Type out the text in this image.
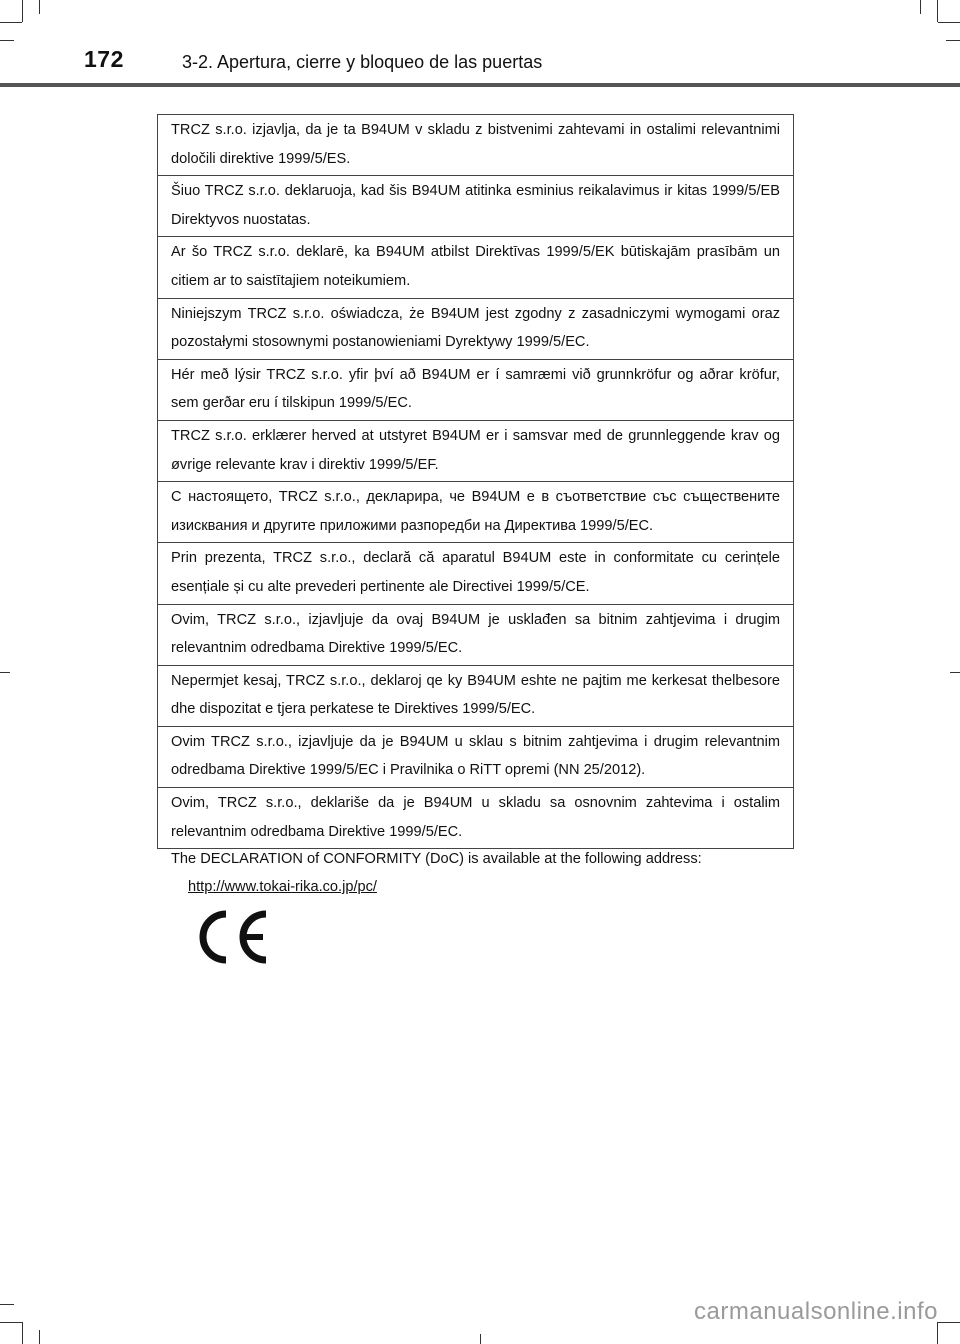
172	3-2. Apertura, cierre y bloqueo de las puertas
TRCZ s.r.o. izjavlja, da je ta B94UM v skladu z bistvenimi zahtevami in ostalimi relevantnimi določili direktive 1999/5/ES.
Šiuo TRCZ s.r.o. deklaruoja, kad šis B94UM atitinka esminius reikalavimus ir kitas 1999/5/EB Direktyvos nuostatas.
Ar šo TRCZ s.r.o. deklarē, ka B94UM atbilst Direktīvas 1999/5/EK būtiskajām prasībām un citiem ar to saistītajiem noteikumiem.
Niniejszym TRCZ s.r.o. oświadcza, że B94UM jest zgodny z zasadniczymi wymogami oraz pozostałymi stosownymi postanowieniami Dyrektywy 1999/5/EC.
Hér með lýsir TRCZ s.r.o. yfir því að B94UM er í samræmi við grunnkröfur og aðrar kröfur, sem gerðar eru í tilskipun 1999/5/EC.
TRCZ s.r.o. erklærer herved at utstyret B94UM er i samsvar med de grunnleggende krav og øvrige relevante krav i direktiv 1999/5/EF.
С настоящето, TRCZ s.r.o., декларира, че B94UM е в съответствие със съществените изисквания и другите приложими разпоредби на Директива 1999/5/ЕС.
Prin prezenta, TRCZ s.r.o., declară că aparatul B94UM este in conformitate cu cerințele esențiale și cu alte prevederi pertinente ale Directivei 1999/5/CE.
Ovim, TRCZ s.r.o., izjavljuje da ovaj B94UM je usklađen sa bitnim zahtjevima i drugim relevantnim odredbama Direktive 1999/5/EC.
Nepermjet kesaj, TRCZ s.r.o., deklaroj qe ky B94UM eshte ne pajtim me kerkesat thelbesore dhe dispozitat e tjera perkatese te Direktives 1999/5/EC.
Ovim TRCZ s.r.o., izjavljuje da je B94UM u sklau s bitnim zahtjevima i drugim relevantnim odredbama Direktive 1999/5/EC i Pravilnika o RiTT opremi (NN 25/2012).
Ovim, TRCZ s.r.o., deklariše da je B94UM u skladu sa osnovnim zahtevima i ostalim relevantnim odredbama Direktive 1999/5/EC.
The DECLARATION of CONFORMITY (DoC) is available at the following address:
http://www.tokai-rika.co.jp/pc/
carmanualsonline.info
